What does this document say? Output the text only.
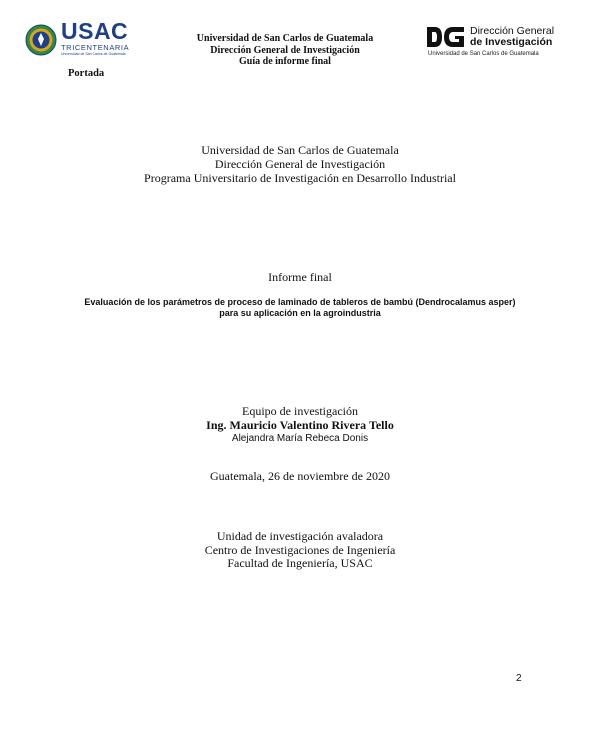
USAC
TRICENTENARIA
Universidad de San Carlos de Guatemala
Universidad de San Carlos de Guatemala
Dirección General de Investigación
Guía de informe final
Portada
Dirección General
de Investigación
Universidad de San Carlos de Guatemala
Universidad de San Carlos de Guatemala
Dirección General de Investigación
Programa Universitario de Investigación en Desarrollo Industrial
Informe final
Evaluación de los parámetros de proceso de laminado de tableros de bambú (Dendrocalamus asper) para su aplicación en la agroindustria
Equipo de investigación
Ing. Mauricio Valentino Rivera Tello
Alejandra María Rebeca Donis
Guatemala, 26 de noviembre de 2020
Unidad de investigación avaladora
Centro de Investigaciones de Ingeniería
Facultad de Ingeniería, USAC
2
